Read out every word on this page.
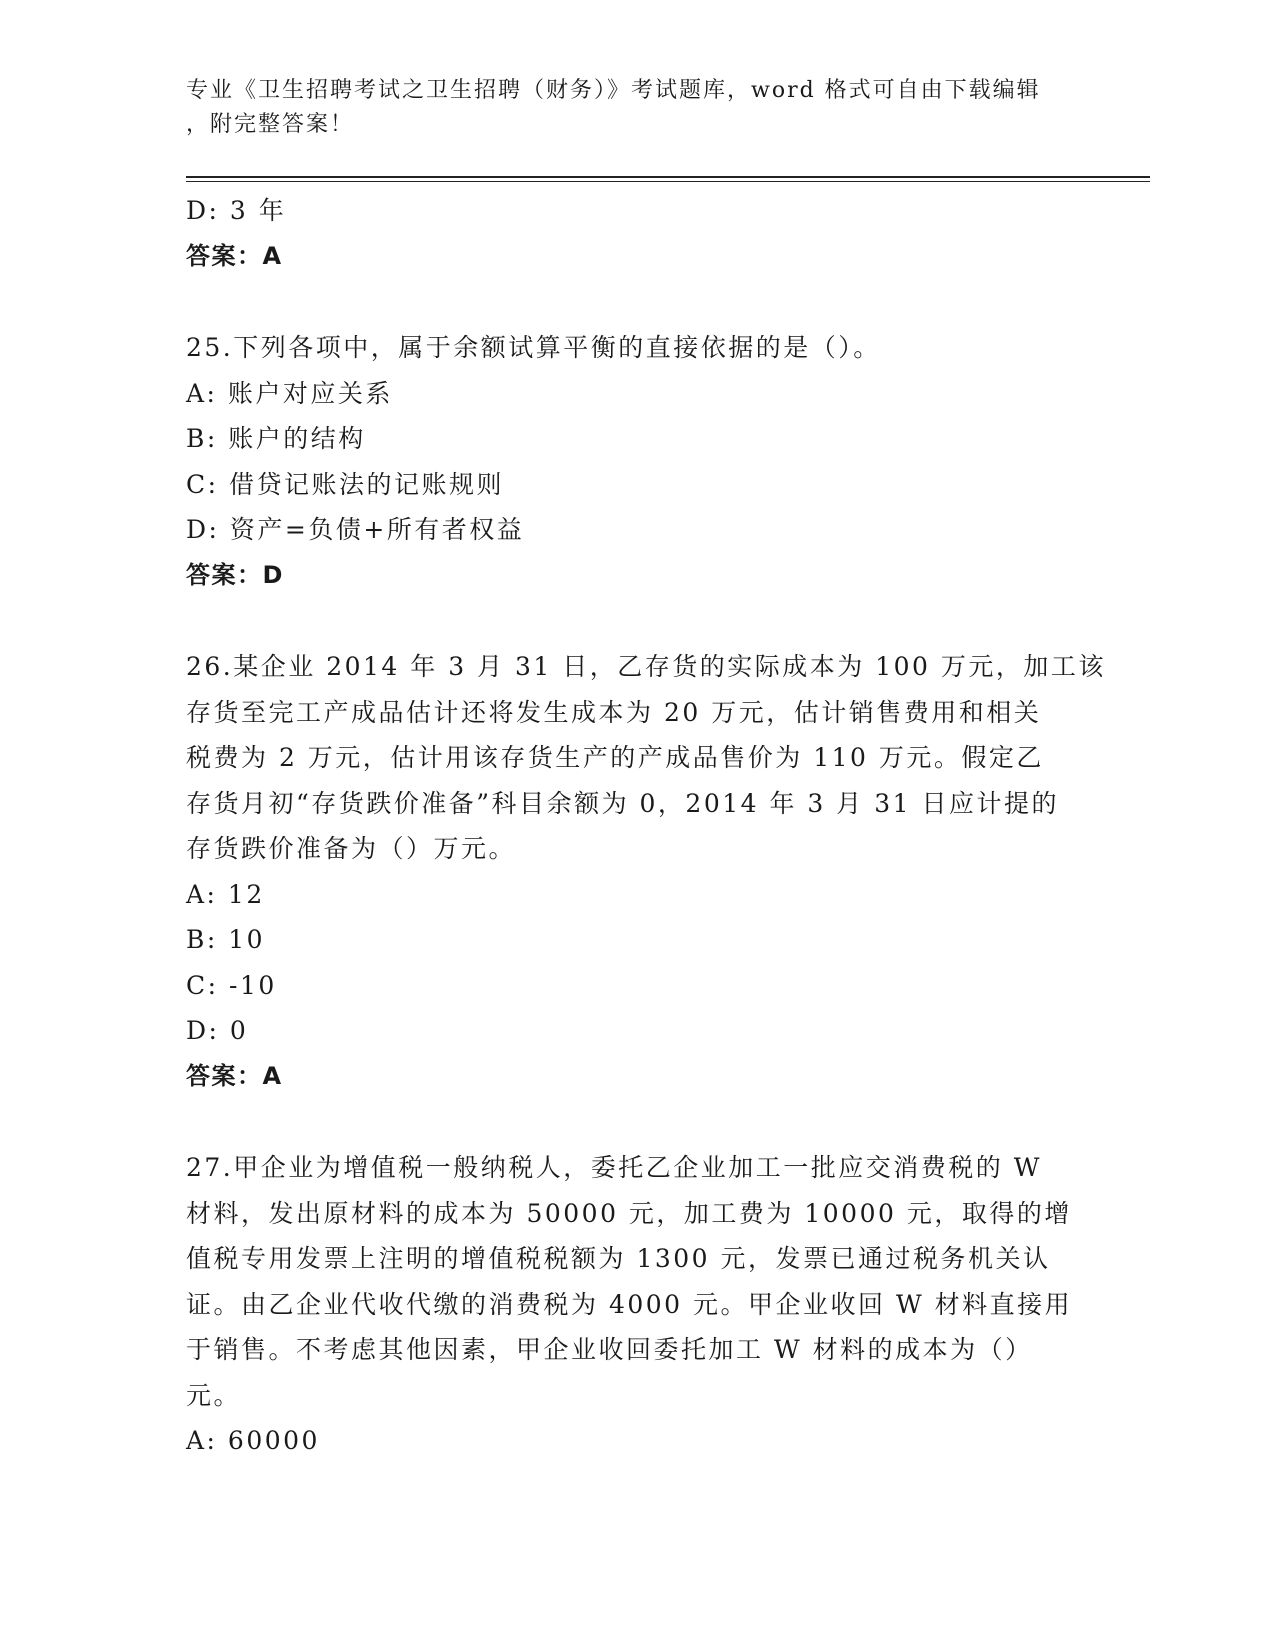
专业《卫生招聘考试之卫生招聘（财务）》考试题库，word 格式可自由下载编辑
，附完整答案！
D: 3 年
答案：A
25.下列各项中，属于余额试算平衡的直接依据的是（）。
A: 账户对应关系
B: 账户的结构
C: 借贷记账法的记账规则
D: 资产=负债+所有者权益
答案：D
26.某企业 2014 年 3 月 31 日，乙存货的实际成本为 100 万元，加工该
存货至完工产成品估计还将发生成本为 20 万元，估计销售费用和相关
税费为 2 万元，估计用该存货生产的产成品售价为 110 万元。假定乙
存货月初“存货跌价准备”科目余额为 0，2014 年 3 月 31 日应计提的
存货跌价准备为（）万元。
A: 12
B: 10
C: -10
D: 0
答案：A
27.甲企业为增值税一般纳税人，委托乙企业加工一批应交消费税的 W
材料，发出原材料的成本为 50000 元，加工费为 10000 元，取得的增
值税专用发票上注明的增值税税额为 1300 元，发票已通过税务机关认
证。由乙企业代收代缴的消费税为 4000 元。甲企业收回 W 材料直接用
于销售。不考虑其他因素，甲企业收回委托加工 W 材料的成本为（）
元。
A: 60000
